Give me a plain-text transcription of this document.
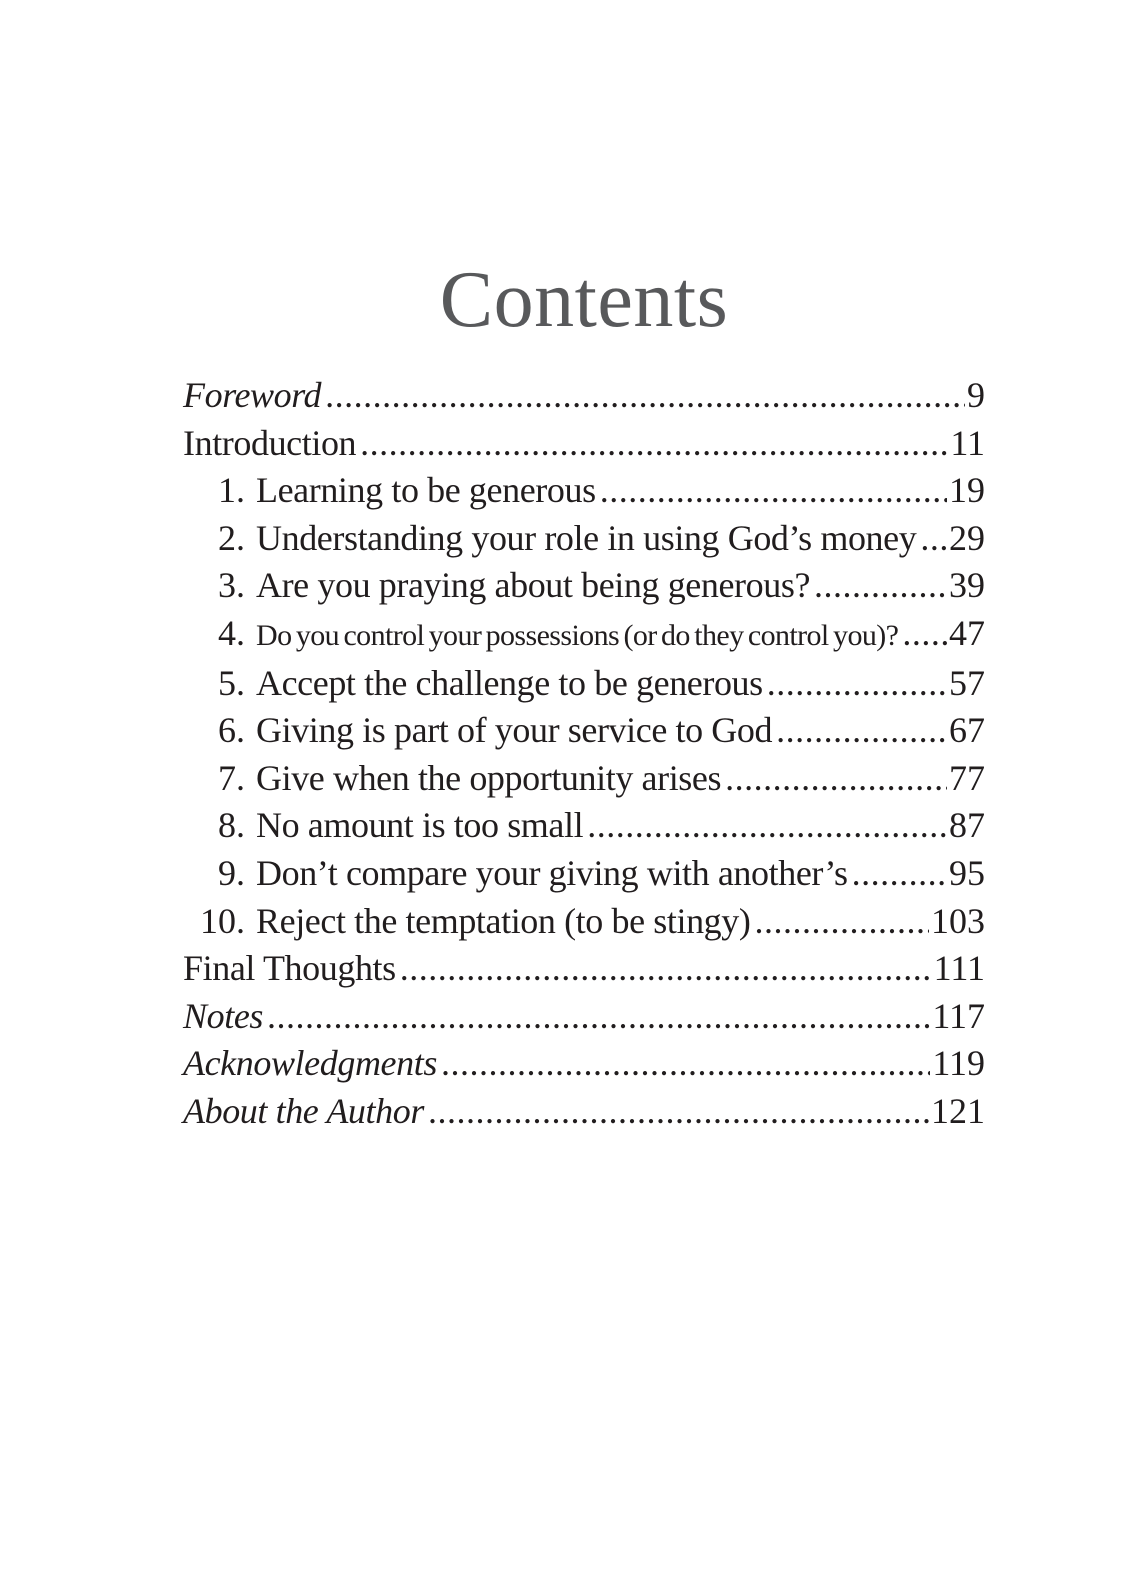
Contents
Foreword .....	9
Introduction .....	11
1. Learning to be generous .....	19
2. Understanding your role in using God’s money ..... 29
3. Are you praying about being generous? .....	39
4. Do you control your possessions (or do they control you)? ..... 47
5. Accept the challenge to be generous .....	57
6. Giving is part of your service to God .....	67
7. Give when the opportunity arises .....	77
8. No amount is too small .....	87
9. Don’t compare your giving with another’s .....	95
10. Reject the temptation (to be stingy) .....	103
Final Thoughts .....	111
Notes .....	117
Acknowledgments .....	119
About the Author .....	121
